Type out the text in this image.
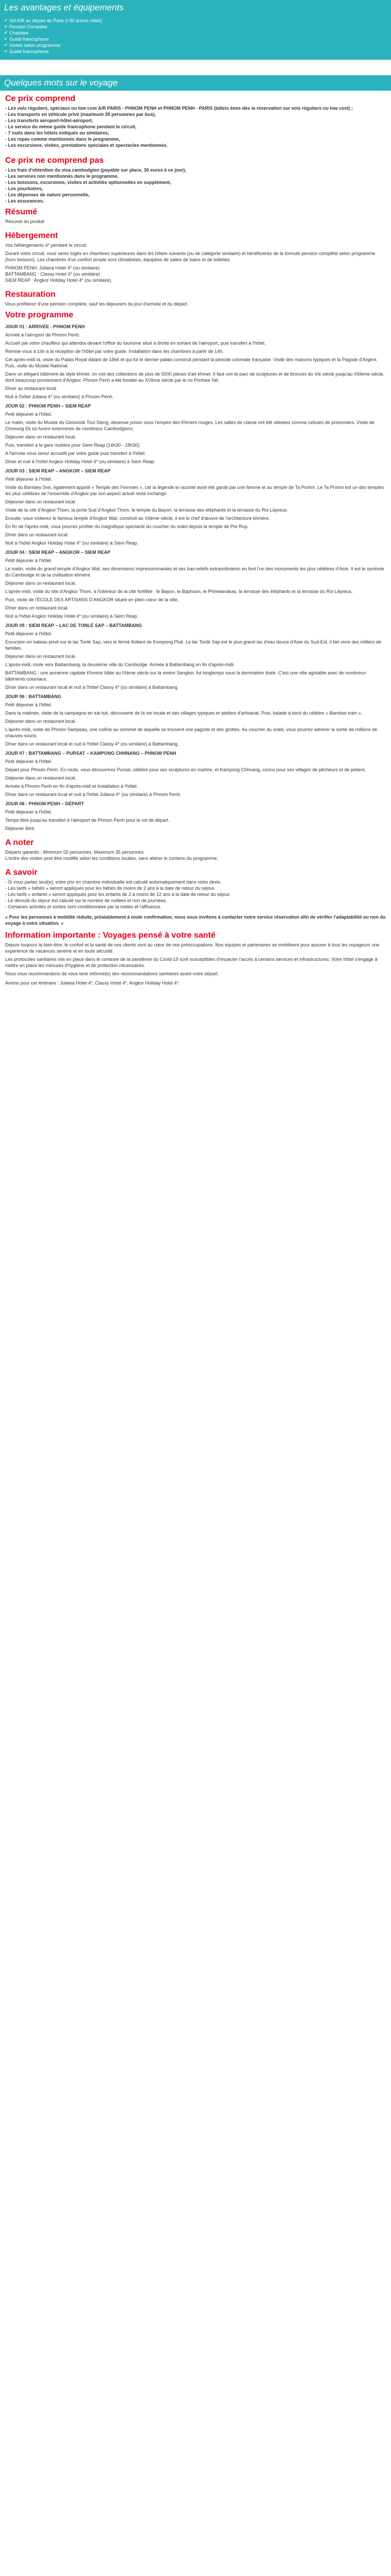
Les avantages et équipements
✔ Vol A/R au départ de Paris (+30 autres villes)
✔ Pension Complète
✔ Chambre
✔ Guide francophone
✔ Visites selon programme
✔ Guide francophone
Quelques mots sur le voyage
Ce prix comprend

- Les vols réguliers, spéciaux ou low cost A/R PARIS - PHNOM PENH et PHNOM PENH - PARIS (billets émis dès la réservation sur vols réguliers ou low cost) ;

- Les transports en véhicule privé (maximum 35 personnes par bus),

- Les transferts aéroport-hôtel-aéroport,

- Le service du même guide francophone pendant le circuit,

- 7 nuits dans les hôtels indiqués ou similaires,

- Les repas comme mentionnés dans le programme,

- Les excursions, visites, prestations spéciales et spectacles mentionnés.

Ce prix ne comprend pas

- Les frais d'obtention du visa cambodgien (payable sur place, 30 euros à ce jour),

- Les services non mentionnés dans le programme,

- Les boissons, excursions, visites et activités optionnelles en supplément,

- Les pourboires,

- Les dépenses de nature personnelle,

- Les assurances.

Résumé

Résumé du produit

Hébergement

Vos hébergements 4* pendant le circuit.

Durant votre circuit, vous serez logés en chambres supérieures dans les hôtels suivants (ou de catégorie similaire) et bénéficierez de la formule pension complète selon programme (hors boisson). Les chambres d'un confort simple sont climatisées, équipées de salles de bains et de toilettes.

PHNOM PENH: Juliana Hotel 4* (ou similaire)

BATTAMBANG : Classy Hotel 4* (ou similaire)

SIEM REAP : Angkor Holiday Hotel 4* (ou similaire)

Restauration

Vous profiterez d'une pension complète, sauf les déjeuners du jour d'arrivée et du départ.

Votre programme

JOUR 01 : ARRIVÉE - PHNOM PENH

Arrivée à l'aéroport de Phnom Penh.

Accueil par votre chauffeur qui attendra devant l'office du tourisme situé à droite en sortant de l'aéroport, puis transfert à l'hôtel.

Remise vous à 14h à la réception de l'hôtel par votre guide. Installation dans les chambres à partir de 14h.

Cet après-midi là, visite du Palais Royal datant de 1866 et qui fut le dernier palais construit pendant la période coloniale française. Visite des maisons typiques et la Pagode d'Argent. Puis, visite du Musée National.

Dans un élégant bâtiment de style khmer, on voit des collections de plus de 5000 pièces d'art khmer. Il faut voir le parc de sculptures et de bronzes du Vie siècle jusqu'au XIIIème siècle, dont beaucoup proviennent d'Angkor. Phnom Penh a été fondée au XVème siècle par le roi Ponhea Yat.

Dîner au restaurant local.

Nuit à l'hôtel Juliana 4* (ou similaire) à Phnom Penh.

JOUR 02 : PHNOM PENH – SIEM REAP

Petit déjeuner à l'hôtel.

Le matin, visite du Musée du Génocide Toul Sleng, devenue prison sous l'empire des Khmers rouges. Les salles de classe ont été utilisées comme cellules de prisonniers. Visite de Choeung Ek où furent exterminés de nombreux Cambodgiens.

Déjeuner dans un restaurant local.

Puis, transfert à la gare routière pour Siem Reap (14h30 - 18h30).

A l'arrivée vous serez accueilli par votre guide puis transfert à l'hôtel.

Dîner et nuit à l'hôtel Angkor Holiday Hotel 4* (ou similaire) à Siem Reap.

JOUR 03 : SIEM REAP – ANGKOR – SIEM REAP

Petit déjeuner à l'hôtel.

Visite du Bantaey Srei, également appelé « Temple des Femmes », car la légende le raconte avoir été gardé par une femme et au temple de Ta Prohm. Le Ta Prohm est un des temples les plus célèbres de l'ensemble d'Angkor par son aspect actuel resté inchangé.

Déjeuner dans un restaurant local.

Visite de la cité d'Angkor Thom, la porte Sud d'Angkor Thom, le temple du Bayon, la terrasse des éléphants et la terrasse du Roi Lépreux.

Ensuite, vous visiterez le fameux temple d'Angkor Wat, construit au XIIème siècle, il est le chef d'œuvre de l'architecture khmère.

En fin de l'après-midi, vous pourrez profiter du magnifique spectacle du coucher du soleil depuis le temple de Pre Rup.

Dîner dans un restaurant local.

Nuit à l'hôtel Angkor Holiday Hotel 4* (ou similaire) à Siem Reap.

JOUR 04 : SIEM REAP – ANGKOR – SIEM REAP

Petit déjeuner à l'hôtel.

Le matin, visite du grand temple d'Angkor Wat, ses dimensions impressionnantes et ses bas-reliefs extraordinaires en font l'un des monuments les plus célèbres d'Asie. Il est le symbole du Cambodge et de la civilisation khmère.

Déjeuner dans un restaurant local.

L'après-midi, visite du site d'Angkor Thom, à l'intérieur de la cité fortifiée : le Bayon, le Baphuon, le Phimeanakas, la terrasse des éléphants et la terrasse du Roi Lépreux.

Puis, visite de l'ÉCOLE DES ARTISANS D'ANGKOR située en plein cœur de la ville.

Dîner dans un restaurant local.

Nuit à l'hôtel Angkor Holiday Hotel 4* (ou similaire) à Siem Reap.

JOUR 05 : SIEM REAP – LAC DE TONLÉ SAP – BATTAMBANG

Petit déjeuner à l'hôtel.

Excursion en bateau privé sur le lac Tonlé Sap, vers le fermé flottant de Kompong Pluk. Le lac Tonlé Sap est le plus grand lac d'eau douce d'Asie du Sud-Est, il fait vivre des milliers de familles.

Déjeuner dans un restaurant local.

L'après-midi, route vers Battambang, la deuxième ville du Cambodge. Arrivée à Battambang en fin d'après-midi.

BATTAMBANG : une ancienne capitale Khmère bâtie au IXème siècle sur la rivière Sangker, fut longtemps sous la domination thaïe. C'est une ville agréable avec de nombreux bâtiments coloniaux.

Dîner dans un restaurant local et nuit à l'hôtel Classy 4* (ou similaire) à Battambang.

JOUR 06 : BATTAMBANG

Petit déjeuner à l'hôtel.

Dans la matinée, visite de la campagne en tuk-tuk, découverte de la vie locale et des villages typiques et ateliers d'artisanat. Puis, balade à bord du célèbre « Bamboo train ».

Déjeuner dans un restaurant local.

L'après-midi, visite de Phnom Sampeau, une colline au sommet de laquelle se trouvent une pagode et des grottes. Au coucher du soleil, vous pourrez admirer la sortie de millions de chauves-souris.

Dîner dans un restaurant local et nuit à l'hôtel Classy 4* (ou similaire) à Battambang.

JOUR 07 : BATTAMBANG – PURSAT – KAMPONG CHHNANG – PHNOM PENH

Petit déjeuner à l'hôtel.

Départ pour Phnom Penh. En route, vous découvrirez Pursat, célèbre pour ses sculptures en marbre, et Kampong Chhnang, connu pour ses villages de pêcheurs et de potiers.

Déjeuner dans un restaurant local.

Arrivée à Phnom Penh en fin d'après-midi et installation à l'hôtel.

Dîner dans un restaurant local et nuit à l'hôtel Juliana 4* (ou similaire) à Phnom Penh.

JOUR 08 : PHNOM PENH – DÉPART

Petit déjeuner à l'hôtel.

Temps libre jusqu'au transfert à l'aéroport de Phnom Penh pour le vol de départ.

Déjeuner libre.

A noter

Départs garantis ; Minimum 02 personnes, Maximum 35 personnes.

L'ordre des visites peut être modifié selon les conditions locales, sans altérer le contenu du programme.

A savoir

- Si vous partez seul(e), votre prix en chambre individuelle est calculé automatiquement dans votre devis.

- Les tarifs « bébés » seront appliqués pour les bébés de moins de 2 ans à la date de retour du séjour.

- Les tarifs « enfants » seront appliqués pour les enfants de 2 à moins de 12 ans à la date de retour du séjour.

- Le déroulé du séjour est calculé sur le nombre de nuitées et non de journées.

- Certaines activités et sorties sont conditionnées par la météo et l'affluence.

« Pour les personnes à mobilité réduite, préalablement à toute confirmation, nous vous invitons à contacter notre service réservation afin de vérifier l'adaptabilité ou non du voyage à votre situation. »

Information importante : Voyages pensé à votre santé

Depuis toujours la bien-être, le confort et la santé de nos clients sont au cœur de nos préoccupations. Nos équipes et partenaires se mobilisent pour assurer à tous les voyageurs une expérience de vacances sereine et en toute sécurité.

Les protocoles sanitaires mis en place dans le contexte de la pandémie du Covid-19 sont susceptibles d'impacter l'accès à certains services et infrastructures. Votre hôtel s'engage à mettre en place les mesures d'hygiène et de protection nécessaires.

Nous vous recommandons de vous tenir informé(e) des recommandations sanitaires avant votre départ.

Avions pour cet itinéraire : Juliana Hotel 4*, Classy Hotel 4*, Angkor Holiday Hotel 4*.
